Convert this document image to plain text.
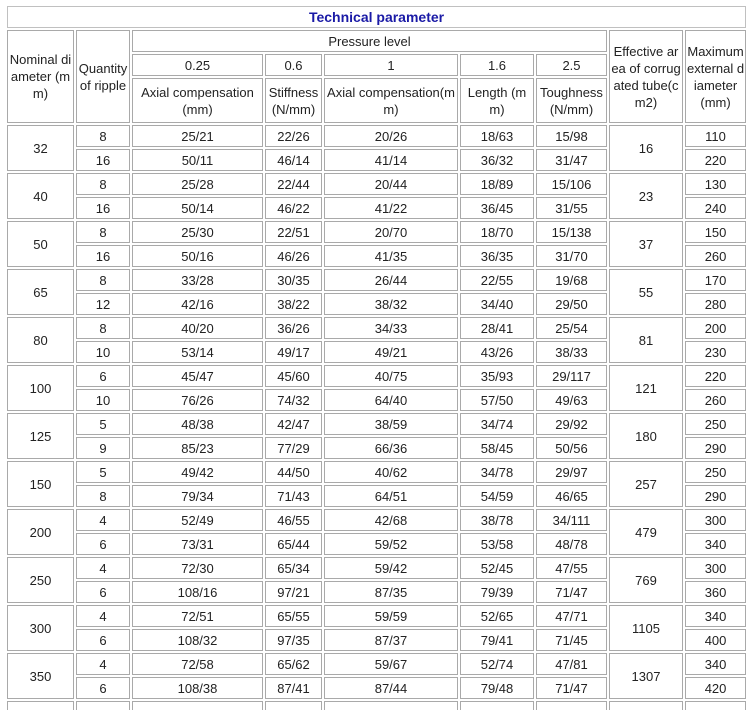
Technical parameter								
Nominal diameter (mm)	Quantity of ripple	Pressure level					Effective area of corrugated tube(cm2)	Maximum external diameter(mm)
		0.25	0.6	1	1.6	2.5		
		Axial compensation(mm)	Stiffness (N/mm)	Axial compensation(mm)	Length (mm)	Toughness(N/mm)		
32	8	25/21	22/26	20/26	18/63	15/98	16	110
	16	50/11	46/14	41/14	36/32	31/47		220
40	8	25/28	22/44	20/44	18/89	15/106	23	130
	16	50/14	46/22	41/22	36/45	31/55		240
50	8	25/30	22/51	20/70	18/70	15/138	37	150
	16	50/16	46/26	41/35	36/35	31/70		260
65	8	33/28	30/35	26/44	22/55	19/68	55	170
	12	42/16	38/22	38/32	34/40	29/50		280
80	8	40/20	36/26	34/33	28/41	25/54	81	200
	10	53/14	49/17	49/21	43/26	38/33		230
100	6	45/47	45/60	40/75	35/93	29/117	121	220
	10	76/26	74/32	64/40	57/50	49/63		260
125	5	48/38	42/47	38/59	34/74	29/92	180	250
	9	85/23	77/29	66/36	58/45	50/56		290
150	5	49/42	44/50	40/62	34/78	29/97	257	250
	8	79/34	71/43	64/51	54/59	46/65		290
200	4	52/49	46/55	42/68	38/78	34/111	479	300
	6	73/31	65/44	59/52	53/58	48/78		340
250	4	72/30	65/34	59/42	52/45	47/55	769	300
	6	108/16	97/21	87/35	79/39	71/47		360
300	4	72/51	65/55	59/59	52/65	47/71	1105	340
	6	108/32	97/35	87/37	79/41	71/45		400
350	4	72/58	65/62	59/67	52/74	47/81	1307	340
	6	108/38	87/41	87/44	79/48	71/47		420
